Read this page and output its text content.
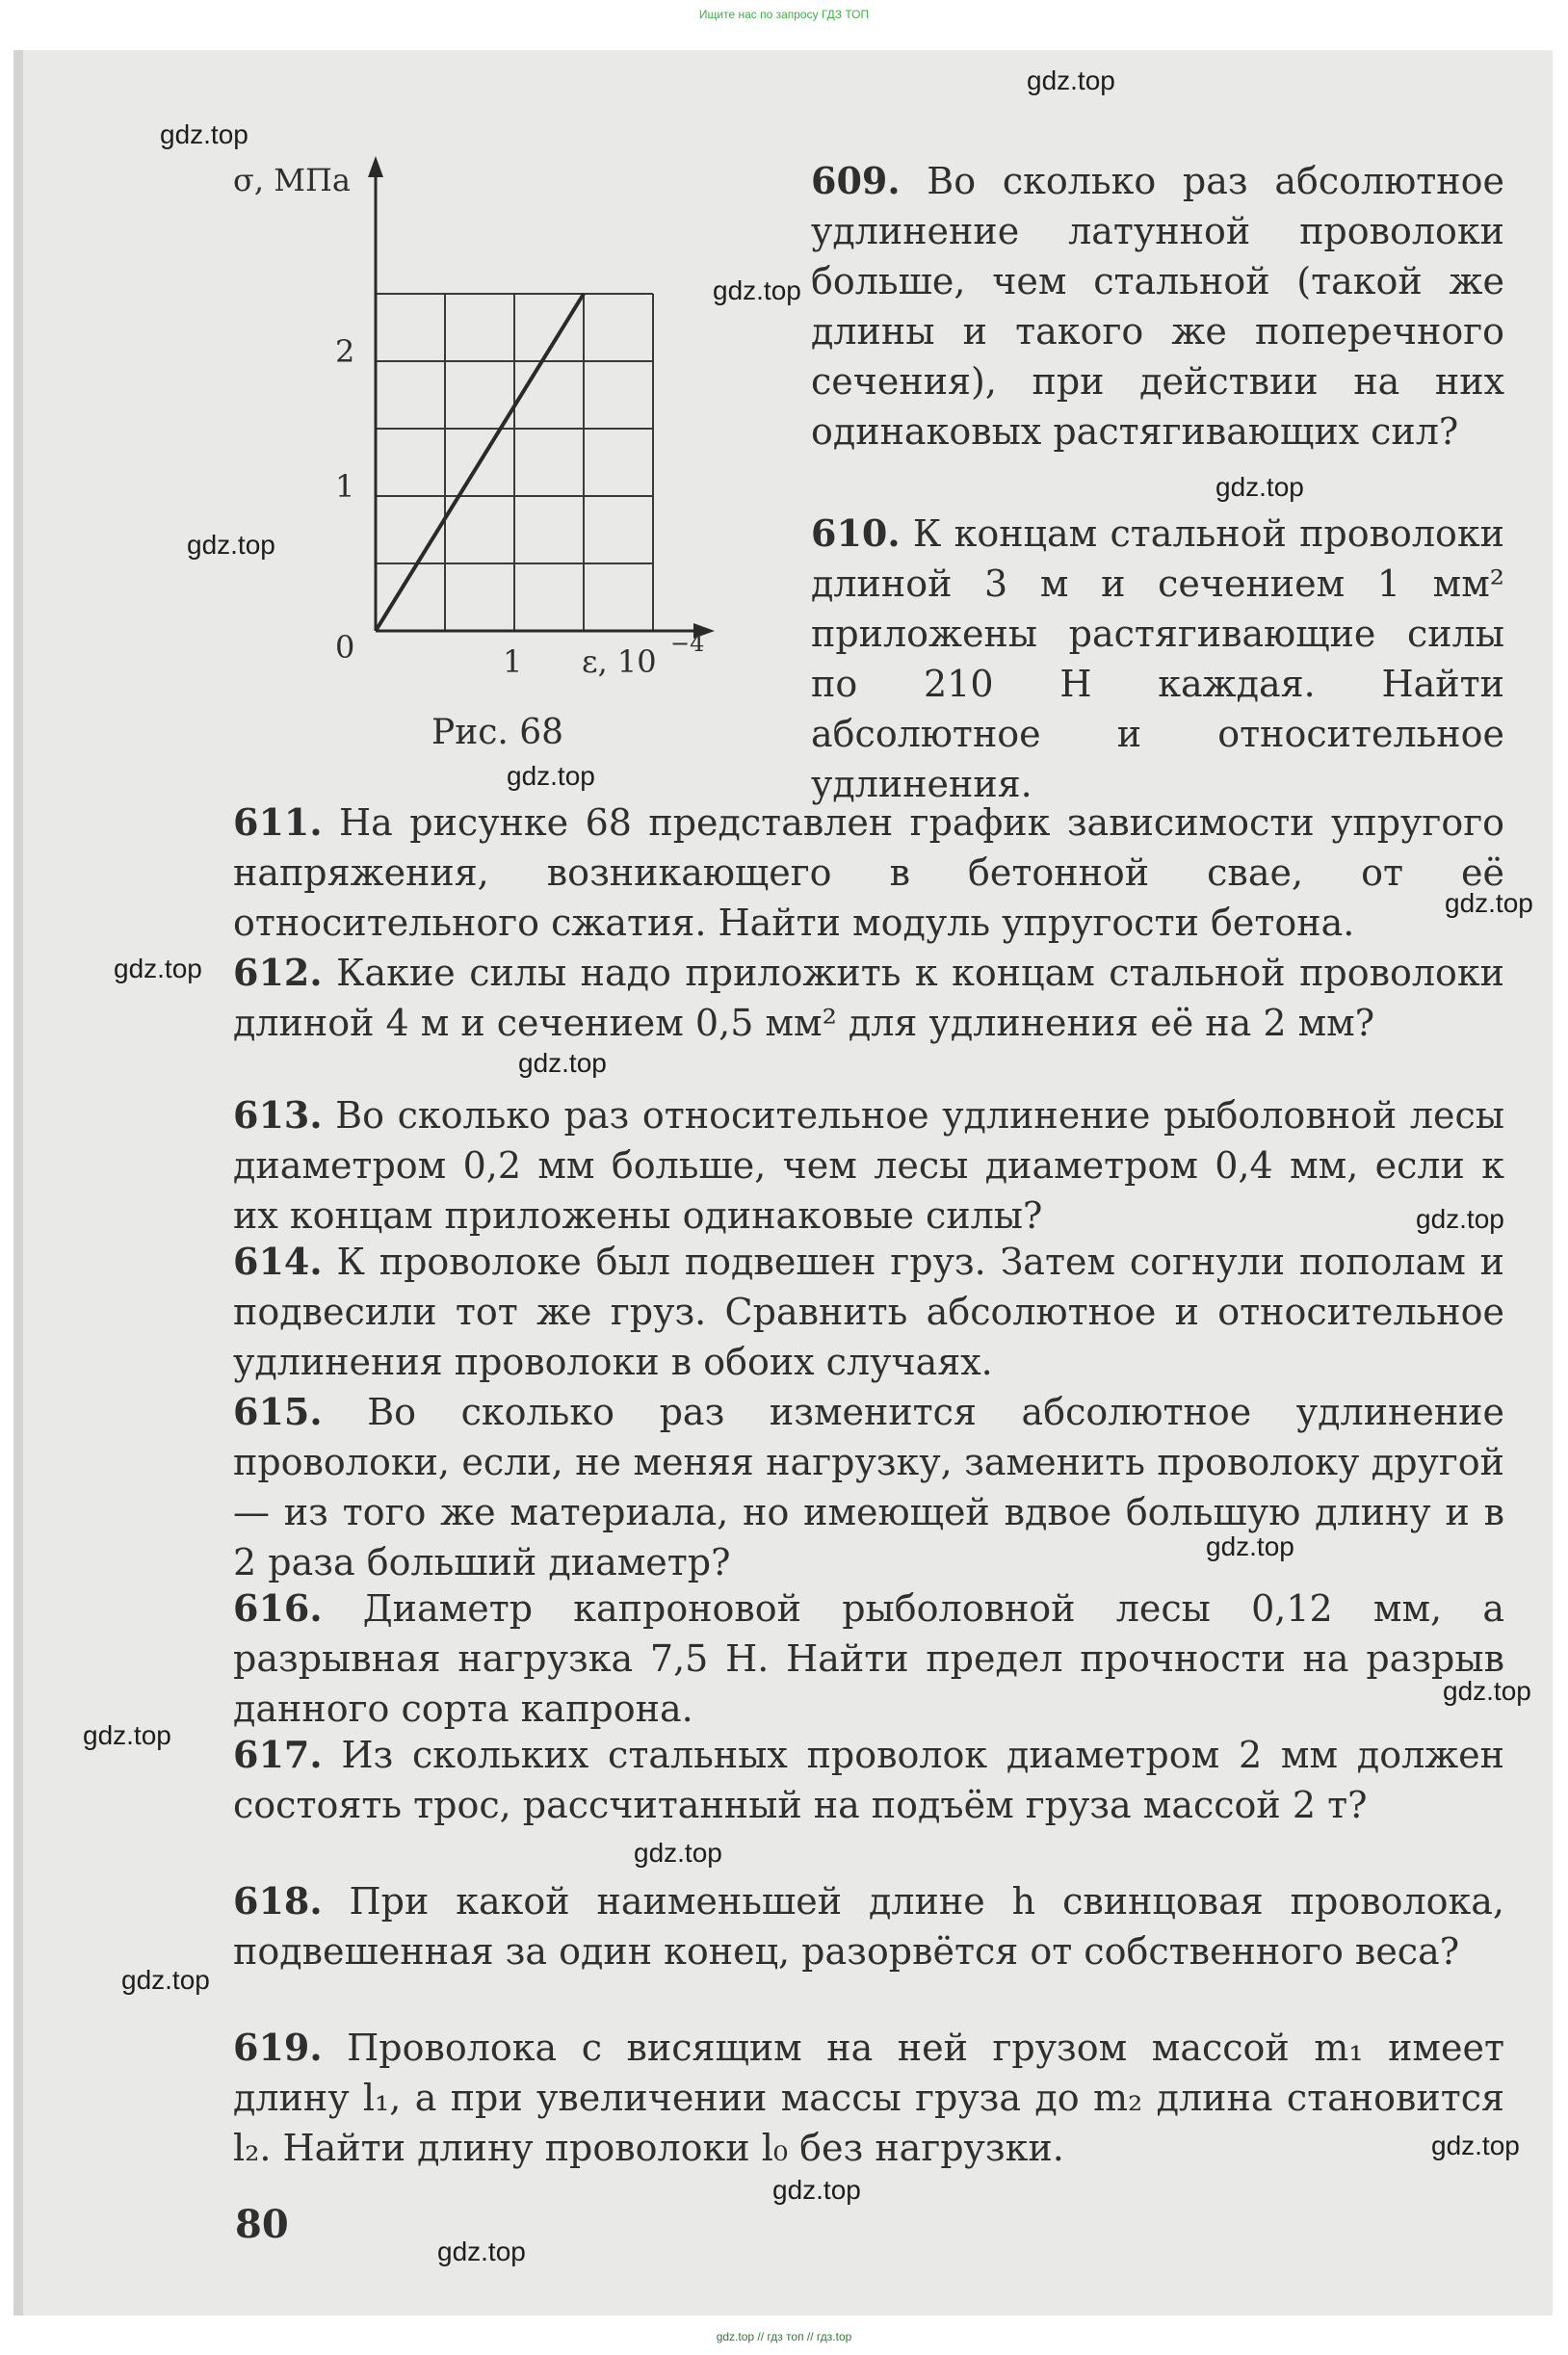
Ищите нас по запросу ГДЗ ТОП
σ, МПа
2
1
0	1 ε, 10 −4
Рис. 68
609. Во сколько раз абсолютное удлинение латунной проволоки больше, чем стальной (такой же длины и такого же поперечного сечения), при действии на них одинаковых растягивающих сил?
610. К концам стальной проволоки длиной 3 м и сечением 1 мм² приложены растягивающие силы по 210 Н каждая. Найти абсолютное и относительное удлинения.
611. На рисунке 68 представлен график зависимости упругого напряжения, возникающего в бетонной свае, от её относительного сжатия. Найти модуль упругости бетона.
612. Какие силы надо приложить к концам стальной проволоки длиной 4 м и сечением 0,5 мм² для удлинения её на 2 мм?
613. Во сколько раз относительное удлинение рыболовной лесы диаметром 0,2 мм больше, чем лесы диаметром 0,4 мм, если к их концам приложены одинаковые силы?
614. К проволоке был подвешен груз. Затем согнули пополам и подвесили тот же груз. Сравнить абсолютное и относительное удлинения проволоки в обоих случаях.
615. Во сколько раз изменится абсолютное удлинение проволоки, если, не меняя нагрузку, заменить проволоку другой — из того же материала, но имеющей вдвое большую длину и в 2 раза больший диаметр?
616. Диаметр капроновой рыболовной лесы 0,12 мм, а разрывная нагрузка 7,5 Н. Найти предел прочности на разрыв данного сорта капрона.
617. Из скольких стальных проволок диаметром 2 мм должен состоять трос, рассчитанный на подъём груза массой 2 т?
618. При какой наименьшей длине h свинцовая проволока, подвешенная за один конец, разорвётся от собственного веса?
619. Проволока с висящим на ней грузом массой m₁ имеет длину l₁, а при увеличении массы груза до m₂ длина становится l₂. Найти длину проволоки l₀ без нагрузки.
80
gdz.top
gdz.top
gdz.top
gdz.top
gdz.top
gdz.top
gdz.top
gdz.top
gdz.top
gdz.top
gdz.top
gdz.top
gdz.top
gdz.top
gdz.top
gdz.top
gdz.top
gdz.top
gdz.top // гдз топ // гдз.top
